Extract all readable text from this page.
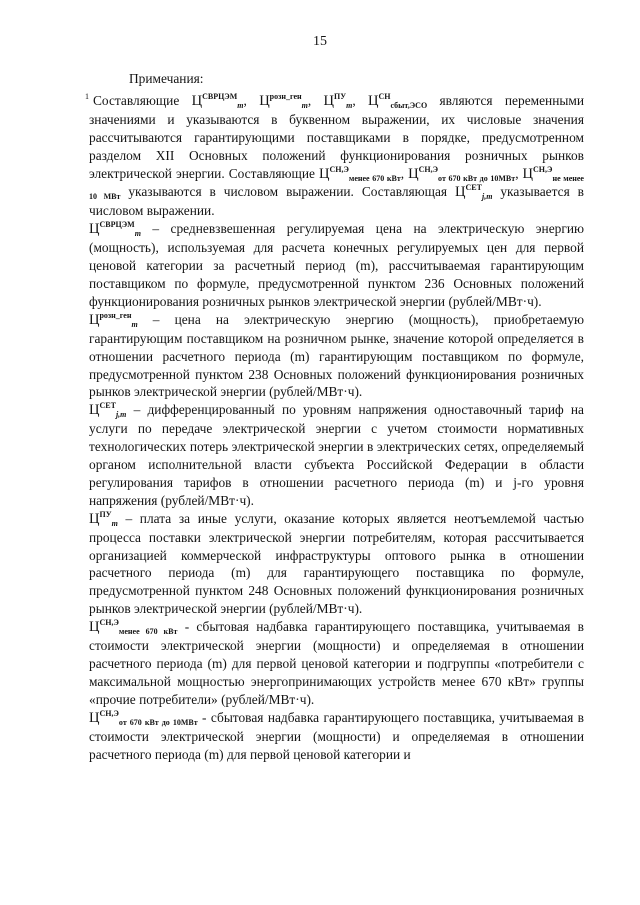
15
Примечания:

$^1$ Составляющие $Ц^{СВРЦЭМ}_m$, $Ц^{розн\_ген}_m$, $Ц^{ПУ}_m$, $Ц^{СН}_{сбыт,ЭСО}$ являются переменными значениями и указываются в буквенном выражении, их числовые значения рассчитываются гарантирующими поставщиками в порядке, предусмотренном разделом XII Основных положений функционирования розничных рынков электрической энергии. Составляющие $Ц^{СН,Э}_{менее 670 кВт}$, $Ц^{СН,Э}_{от 670 кВт до 10МВт}$, $Ц^{СН,Э}_{не менее 10 МВт}$ указываются в числовом выражении. Составляющая $Ц^{СЕТ}_{j,m}$ указывается в числовом выражении.

$Ц^{СВРЦЭМ}_m$ – средневзвешенная регулируемая цена на электрическую энергию (мощность), используемая для расчета конечных регулируемых цен для первой ценовой категории за расчетный период (m), рассчитываемая гарантирующим поставщиком по формуле, предусмотренной пунктом 236 Основных положений функционирования розничных рынков электрической энергии (рублей/МВт·ч).

$Ц^{розн\_ген}_m$ – цена на электрическую энергию (мощность), приобретаемую гарантирующим поставщиком на розничном рынке, значение которой определяется в отношении расчетного периода (m) гарантирующим поставщиком по формуле, предусмотренной пунктом 238 Основных положений функционирования розничных рынков электрической энергии (рублей/МВт·ч).

$Ц^{СЕТ}_{j,m}$ – дифференцированный по уровням напряжения одноставочный тариф на услуги по передаче электрической энергии с учетом стоимости нормативных технологических потерь электрической энергии в электрических сетях, определяемый органом исполнительной власти субъекта Российской Федерации в области регулирования тарифов в отношении расчетного периода (m) и j-го уровня напряжения (рублей/МВт·ч).

$Ц^{ПУ}_m$ – плата за иные услуги, оказание которых является неотъемлемой частью процесса поставки электрической энергии потребителям, которая рассчитывается организацией коммерческой инфраструктуры оптового рынка в отношении расчетного периода (m) для гарантирующего поставщика по формуле, предусмотренной пунктом 248 Основных положений функционирования розничных рынков электрической энергии (рублей/МВт·ч).

$Ц^{СН,Э}_{менее 670 кВт}$ - сбытовая надбавка гарантирующего поставщика, учитываемая в стоимости электрической энергии (мощности) и определяемая в отношении расчетного периода (m) для первой ценовой категории и подгруппы «потребители с максимальной мощностью энергопринимающих устройств менее 670 кВт» группы «прочие потребители» (рублей/МВт·ч).

$Ц^{СН,Э}_{от 670 кВт до 10МВт}$ - сбытовая надбавка гарантирующего поставщика, учитываемая в стоимости электрической энергии (мощности) и определяемая в отношении расчетного периода (m) для первой ценовой категории и
